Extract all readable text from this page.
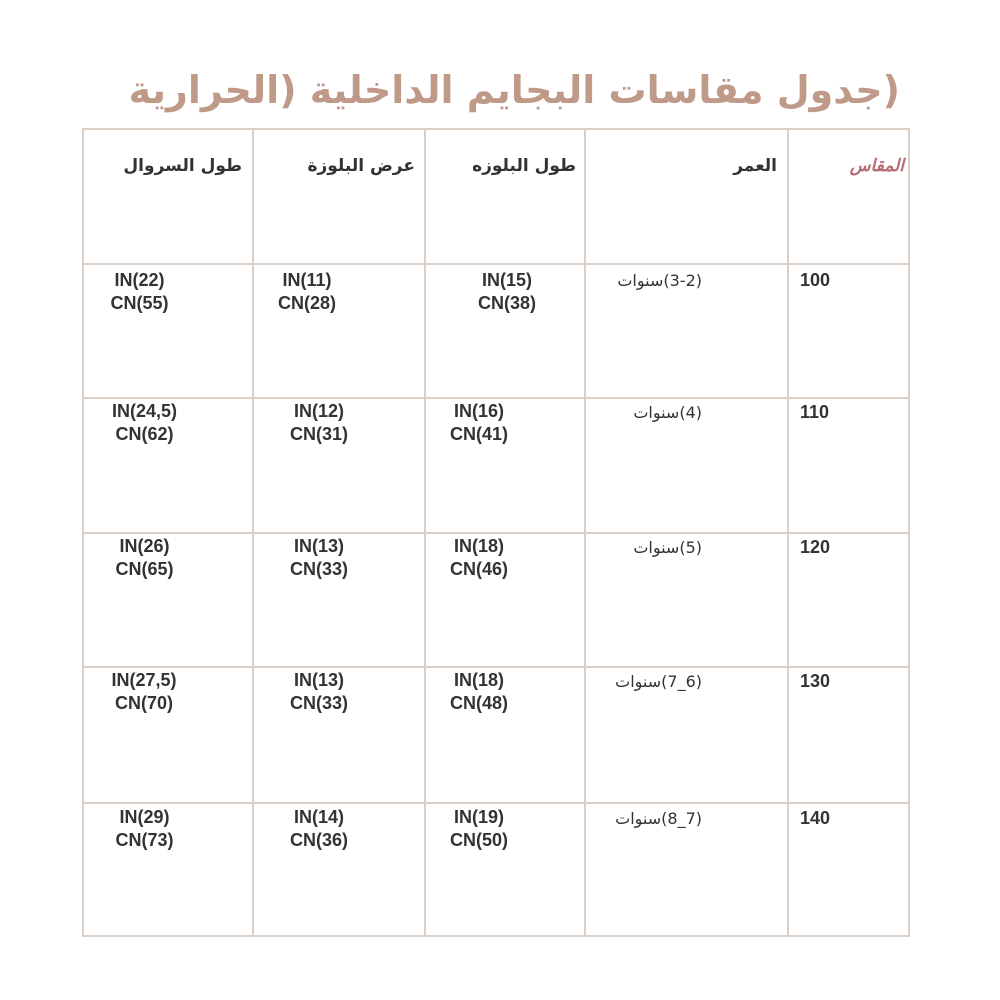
(جدول مقاسات البجايم الداخلية (الحرارية
المقاس
العمر
طول البلوزه
عرض البلوزة
طول السروال
100
(3-2)سنوات
IN(15)
CN(38)
IN(11)
CN(28)
IN(22)
CN(55)
110
(4)سنوات
IN(16)
CN(41)
IN(12)
CN(31)
IN(24,5)
CN(62)
120
(5)سنوات
IN(18)
CN(46)
IN(13)
CN(33)
IN(26)
CN(65)
130
(6_7)سنوات
IN(18)
CN(48)
IN(13)
CN(33)
IN(27,5)
CN(70)
140
(7_8)سنوات
IN(19)
CN(50)
IN(14)
CN(36)
IN(29)
CN(73)
